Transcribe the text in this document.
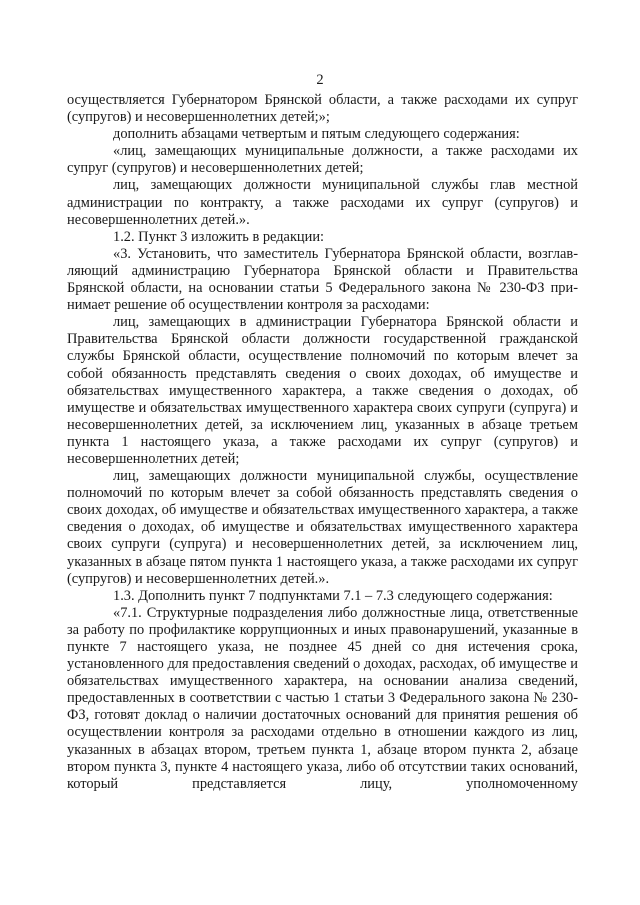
2

осуществляется Губернатором Брянской области, а также расходами их супруг (супругов) и несовершеннолетних детей;»;

дополнить абзацами четвертым и пятым следующего содержания:

«лиц, замещающих муниципальные должности, а также расходами их супруг (супругов) и несовершеннолетних детей;

лиц, замещающих должности муниципальной службы глав местной администрации по контракту, а также расходами их супруг (супругов) и несовершеннолетних детей.».

1.2. Пункт 3 изложить в редакции:

«3. Установить, что заместитель Губернатора Брянской области, возглавляющий администрацию Губернатора Брянской области и Правительства Брянской области, на основании статьи 5 Федерального закона № 230-ФЗ принимает решение об осуществлении контроля за расходами:

лиц, замещающих в администрации Губернатора Брянской области и Правительства Брянской области должности государственной гражданской службы Брянской области, осуществление полномочий по которым влечет за собой обязанность представлять сведения о своих доходах, об имуществе и обязательствах имущественного характера, а также сведения о доходах, об имуществе и обязательствах имущественного характера своих супруги (супруга) и несовершеннолетних детей, за исключением лиц, указанных в абзаце третьем пункта 1 настоящего указа, а также расходами их супруг (супругов) и несовершеннолетних детей;

лиц, замещающих должности муниципальной службы, осуществление полномочий по которым влечет за собой обязанность представлять сведения о своих доходах, об имуществе и обязательствах имущественного характера, а также сведения о доходах, об имуществе и обязательствах имущественного характера своих супруги (супруга) и несовершеннолетних детей, за исключением лиц, указанных в абзаце пятом пункта 1 настоящего указа, а также расходами их супруг (супругов) и несовершеннолетних детей.».

1.3. Дополнить пункт 7 подпунктами 7.1 – 7.3 следующего содержания:

«7.1. Структурные подразделения либо должностные лица, ответственные за работу по профилактике коррупционных и иных правонарушений, указанные в пункте 7 настоящего указа, не позднее 45 дней со дня истечения срока, установленного для предоставления сведений о доходах, расходах, об имуществе и обязательствах имущественного характера, на основании анализа сведений, предоставленных в соответствии с частью 1 статьи 3 Федерального закона № 230-ФЗ, готовят доклад о наличии достаточных оснований для принятия решения об осуществлении контроля за расходами отдельно в отношении каждого из лиц, указанных в абзацах втором, третьем пункта 1, абзаце втором пункта 2, абзаце втором пункта 3, пункте 4 настоящего указа, либо об отсутствии таких оснований, который представляется лицу, уполномоченному
